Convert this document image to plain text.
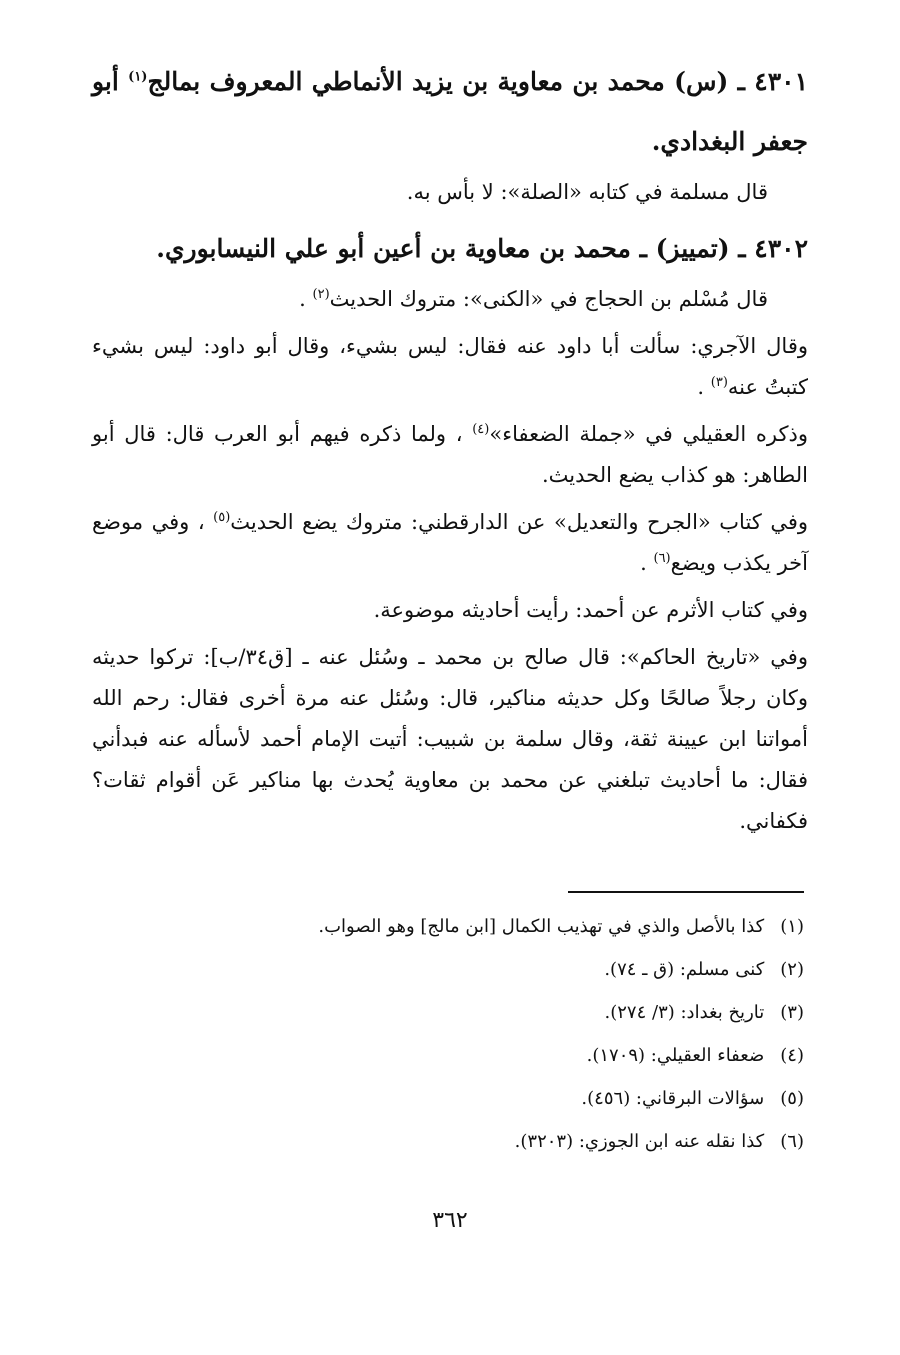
٤٣٠١ ـ (س) محمد بن معاوية بن يزيد الأنماطي المعروف بمالج$^{(١)}$ أبو جعفر البغدادي.

قال مسلمة في كتابه «الصلة»: لا بأس به.

٤٣٠٢ ـ (تمييز) ـ محمد بن معاوية بن أعين أبو علي النيسابوري.

قال مُسْلم بن الحجاج في «الكنى»: متروك الحديث$^{(٢)}$ .

وقال الآجري: سألت أبا داود عنه فقال: ليس بشيء، وقال أبو داود: ليس بشيء كتبتُ عنه$^{(٣)}$ .

وذكره العقيلي في «جملة الضعفاء»$^{(٤)}$ ، ولما ذكره فيهم أبو العرب قال: قال أبو الطاهر: هو كذاب يضع الحديث.

وفي كتاب «الجرح والتعديل» عن الدارقطني: متروك يضع الحديث$^{(٥)}$ ، وفي موضع آخر يكذب ويضع$^{(٦)}$ .

وفي كتاب الأثرم عن أحمد: رأيت أحاديثه موضوعة.

وفي «تاريخ الحاكم»: قال صالح بن محمد ـ وسُئل عنه ـ [ق٣٤/ب]: تركوا حديثه وكان رجلاً صالحًا وكل حديثه مناكير، قال: وسُئل عنه مرة أخرى فقال: رحم الله أمواتنا ابن عيينة ثقة، وقال سلمة بن شبيب: أتيت الإمام أحمد لأسأله عنه فبدأني فقال: ما أحاديث تبلغني عن محمد بن معاوية يُحدث بها مناكير عَن أقوام ثقات؟ فكفاني.

(١) كذا بالأصل والذي في تهذيب الكمال [ابن مالج] وهو الصواب.

(٢) كنى مسلم: (ق ـ ٧٤).

(٣) تاريخ بغداد: (٣/ ٢٧٤).

(٤) ضعفاء العقيلي: (١٧٠٩).

(٥) سؤالات البرقاني: (٤٥٦).

(٦) كذا نقله عنه ابن الجوزي: (٣٢٠٣).

٣٦٢
